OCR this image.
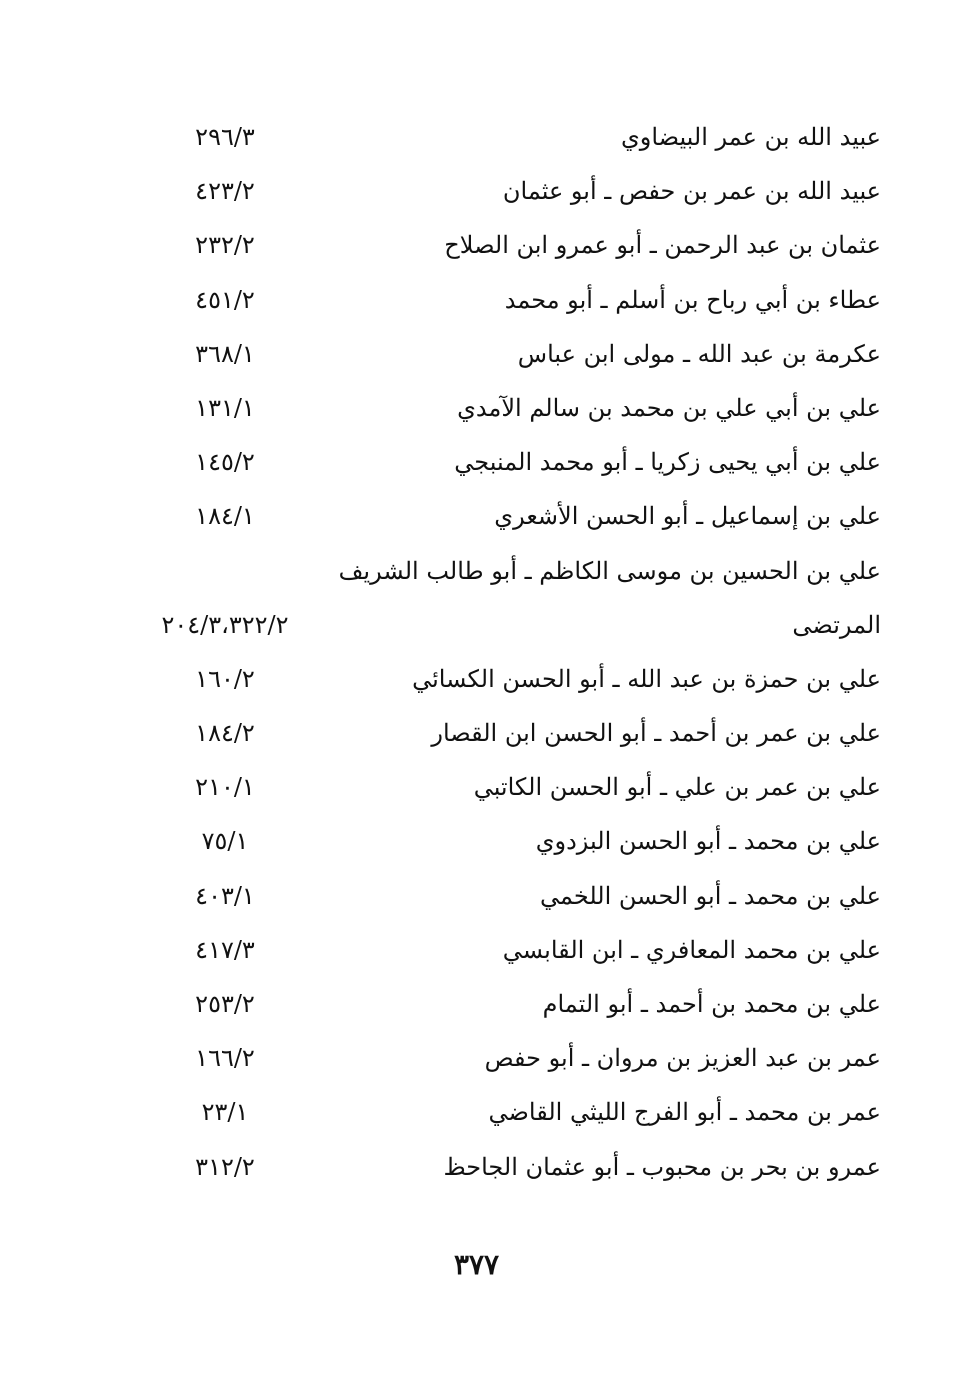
عبيد الله بن عمر البيضاوي
٢٩٦/٣
عبيد الله بن عمر بن حفص ـ أبو عثمان
٤٢٣/٢
عثمان بن عبد الرحمن ـ أبو عمرو ابن الصلاح
٢٣٢/٢
عطاء بن أبي رباح بن أسلم ـ أبو محمد
٤٥١/٢
عكرمة بن عبد الله ـ مولى ابن عباس
٣٦٨/١
علي بن أبي علي بن محمد بن سالم الآمدي
١٣١/١
علي بن أبي يحيى زكريا ـ أبو محمد المنبجي
١٤٥/٢
علي بن إسماعيل ـ أبو الحسن الأشعري
١٨٤/١
علي بن الحسين بن موسى الكاظم ـ أبو طالب الشريف
المرتضى
٢٠٤/٣،٣٢٢/٢
علي بن حمزة بن عبد الله ـ أبو الحسن الكسائي
١٦٠/٢
علي بن عمر بن أحمد ـ أبو الحسن ابن القصار
١٨٤/٢
علي بن عمر بن علي ـ أبو الحسن الكاتبي
٢١٠/١
علي بن محمد ـ أبو الحسن البزدوي
٧٥/١
علي بن محمد ـ أبو الحسن اللخمي
٤٠٣/١
علي بن محمد المعافري ـ ابن القابسي
٤١٧/٣
علي بن محمد بن أحمد ـ أبو التمام
٢٥٣/٢
عمر بن عبد العزيز بن مروان ـ أبو حفص
١٦٦/٢
عمر بن محمد ـ أبو الفرج الليثي القاضي
٢٣/١
عمرو بن بحر بن محبوب ـ أبو عثمان الجاحظ
٣١٢/٢
٣٧٧
